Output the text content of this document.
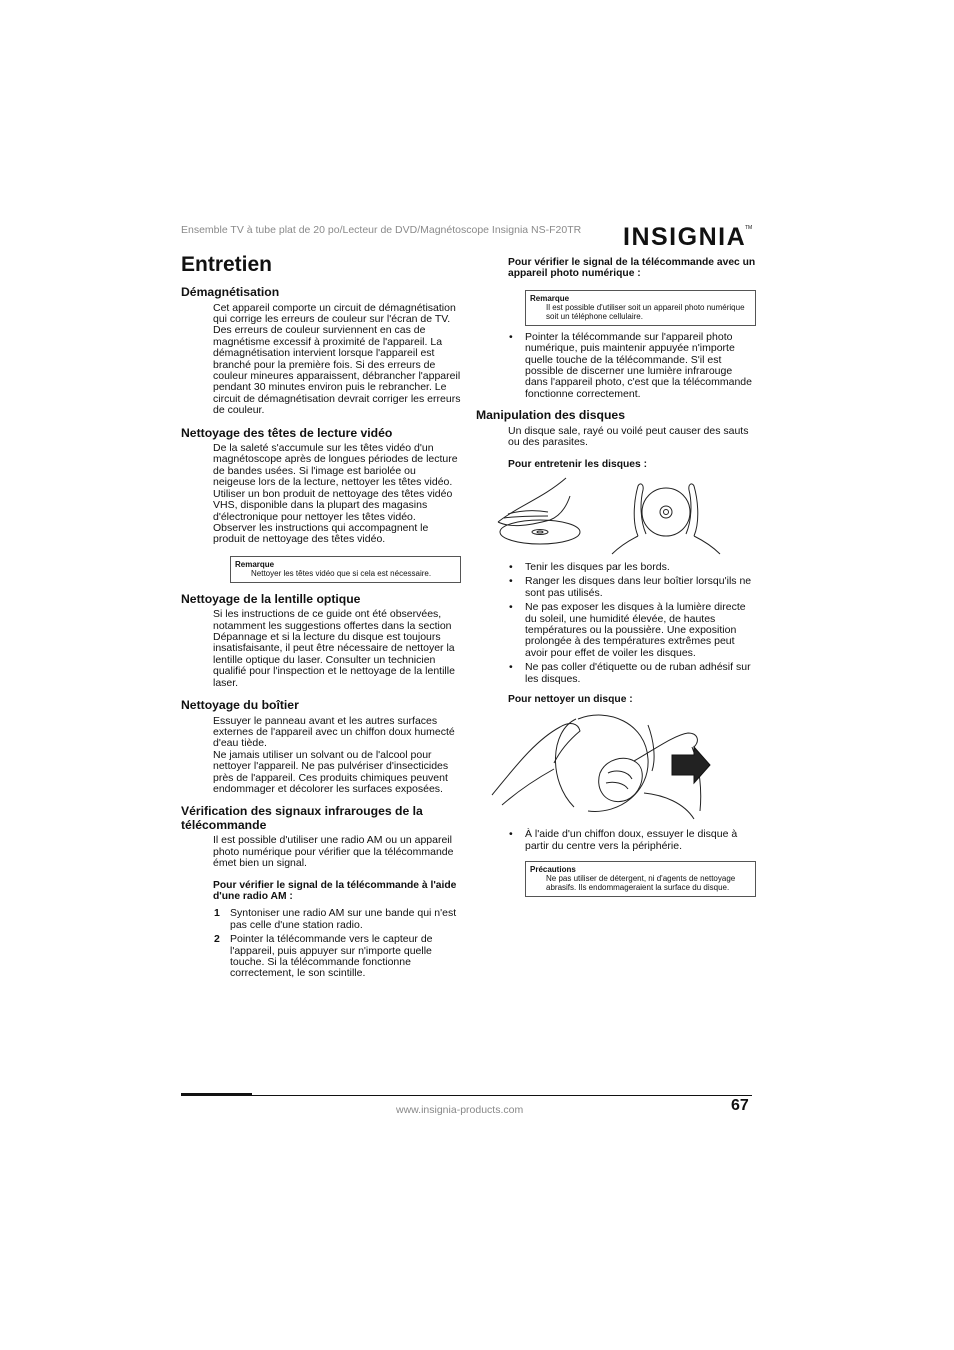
Ensemble TV à tube plat de 20 po/Lecteur de DVD/Magnétoscope Insignia NS-F20TR INSIGNIA
TM
Entretien
Démagnétisation

Cet appareil comporte un circuit de démagnétisation qui corrige les erreurs de couleur sur l'écran de TV. Des erreurs de couleur surviennent en cas de magnétisme excessif à proximité de l'appareil. La démagnétisation intervient lorsque l'appareil est branché pour la première fois. Si des erreurs de couleur mineures apparaissent, débrancher l'appareil pendant 30 minutes environ puis le rebrancher. Le circuit de démagnétisation devrait corriger les erreurs de couleur.

Nettoyage des têtes de lecture vidéo

De la saleté s'accumule sur les têtes vidéo d'un magnétoscope après de longues périodes de lecture de bandes usées. Si l'image est bariolée ou neigeuse lors de la lecture, nettoyer les têtes vidéo.

Utiliser un bon produit de nettoyage des têtes vidéo VHS, disponible dans la plupart des magasins d'électronique pour nettoyer les têtes vidéo. Observer les instructions qui accompagnent le produit de nettoyage des têtes vidéo.

Remarque
Nettoyer les têtes vidéo que si cela est nécessaire.
Nettoyage de la lentille optique

Si les instructions de ce guide ont été observées, notamment les suggestions offertes dans la section Dépannage et si la lecture du disque est toujours insatisfaisante, il peut être nécessaire de nettoyer la lentille optique du laser. Consulter un technicien qualifié pour l'inspection et le nettoyage de la lentille laser.

Nettoyage du boîtier

Essuyer le panneau avant et les autres surfaces externes de l'appareil avec un chiffon doux humecté d'eau tiède.

Ne jamais utiliser un solvant ou de l'alcool pour nettoyer l'appareil. Ne pas pulvériser d'insecticides près de l'appareil. Ces produits chimiques peuvent endommager et décolorer les surfaces exposées.

Vérification des signaux infrarouges de la télécommande

Il est possible d'utiliser une radio AM ou un appareil photo numérique pour vérifier que la télécommande émet bien un signal.

Pour vérifier le signal de la télécommande à l'aide d'une radio AM :

1 Syntoniser une radio AM sur une bande qui n'est pas celle d'une station radio.
2 Pointer la télécommande vers le capteur de l'appareil, puis appuyer sur n'importe quelle touche. Si la télécommande fonctionne correctement, le son scintille.

Pour vérifier le signal de la télécommande avec un appareil photo numérique :

Remarque
Il est possible d'utiliser soit un appareil photo numérique soit un téléphone cellulaire.
• Pointer la télécommande sur l'appareil photo numérique, puis maintenir appuyée n'importe quelle touche de la télécommande. S'il est possible de discerner une lumière infrarouge dans l'appareil photo, c'est que la télécommande fonctionne correctement.
Manipulation des disques

Un disque sale, rayé ou voilé peut causer des sauts ou des parasites.

Pour entretenir les disques :

• Tenir les disques par les bords.
• Ranger les disques dans leur boîtier lorsqu'ils ne sont pas utilisés.
• Ne pas exposer les disques à la lumière directe du soleil, une humidité élevée, de hautes températures ou la poussière. Une exposition prolongée à des températures extrêmes peut avoir pour effet de voiler les disques.
• Ne pas coller d'étiquette ou de ruban adhésif sur les disques.

Pour nettoyer un disque :

• À l'aide d'un chiffon doux, essuyer le disque à partir du centre vers la périphérie.
Précautions
Ne pas utiliser de détergent, ni d'agents de nettoyage abrasifs. Ils endommageraient la surface du disque.
www.insignia-products.com	67
